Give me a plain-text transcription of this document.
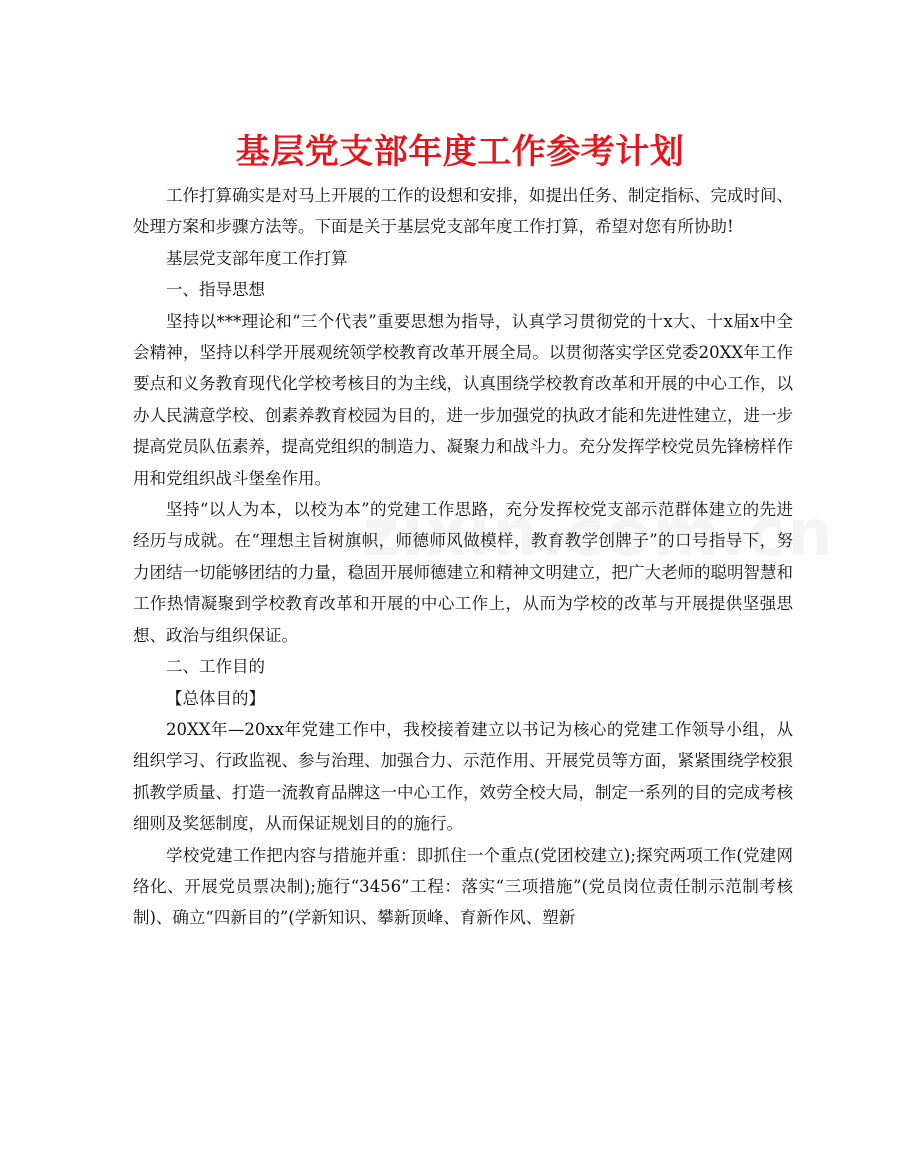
基层党支部年度工作参考计划

工作打算确实是对马上开展的工作的设想和安排，如提出任务、制定指标、完成时间、处理方案和步骤方法等。下面是关于基层党支部年度工作打算，希望对您有所协助!

基层党支部年度工作打算

一、指导思想

坚持以***理论和“三个代表”重要思想为指导，认真学习贯彻党的十x大、十x届x中全会精神，坚持以科学开展观统领学校教育改革开展全局。以贯彻落实学区党委20XX年工作要点和义务教育现代化学校考核目的为主线，认真围绕学校教育改革和开展的中心工作，以办人民满意学校、创素养教育校园为目的，进一步加强党的执政才能和先进性建立，进一步提高党员队伍素养，提高党组织的制造力、凝聚力和战斗力。充分发挥学校党员先锋榜样作用和党组织战斗堡垒作用。

坚持“以人为本，以校为本”的党建工作思路，充分发挥校党支部示范群体建立的先进经历与成就。在“理想主旨树旗帜，师德师风做模样，教育教学创牌子”的口号指导下，努力团结一切能够团结的力量，稳固开展师德建立和精神文明建立，把广大老师的聪明智慧和工作热情凝聚到学校教育改革和开展的中心工作上，从而为学校的改革与开展提供坚强思想、政治与组织保证。

二、工作目的

【总体目的】

20XX年—20xx年党建工作中，我校接着建立以书记为核心的党建工作领导小组，从组织学习、行政监视、参与治理、加强合力、示范作用、开展党员等方面，紧紧围绕学校狠抓教学质量、打造一流教育品牌这一中心工作，效劳全校大局，制定一系列的目的完成考核细则及奖惩制度，从而保证规划目的的施行。

学校党建工作把内容与措施并重：即抓住一个重点(党团校建立);探究两项工作(党建网络化、开展党员票决制);施行“3456”工程：落实“三项措施”(党员岗位责任制示范制考核制)、确立“四新目的”(学新知识、攀新顶峰、育新作风、塑新
